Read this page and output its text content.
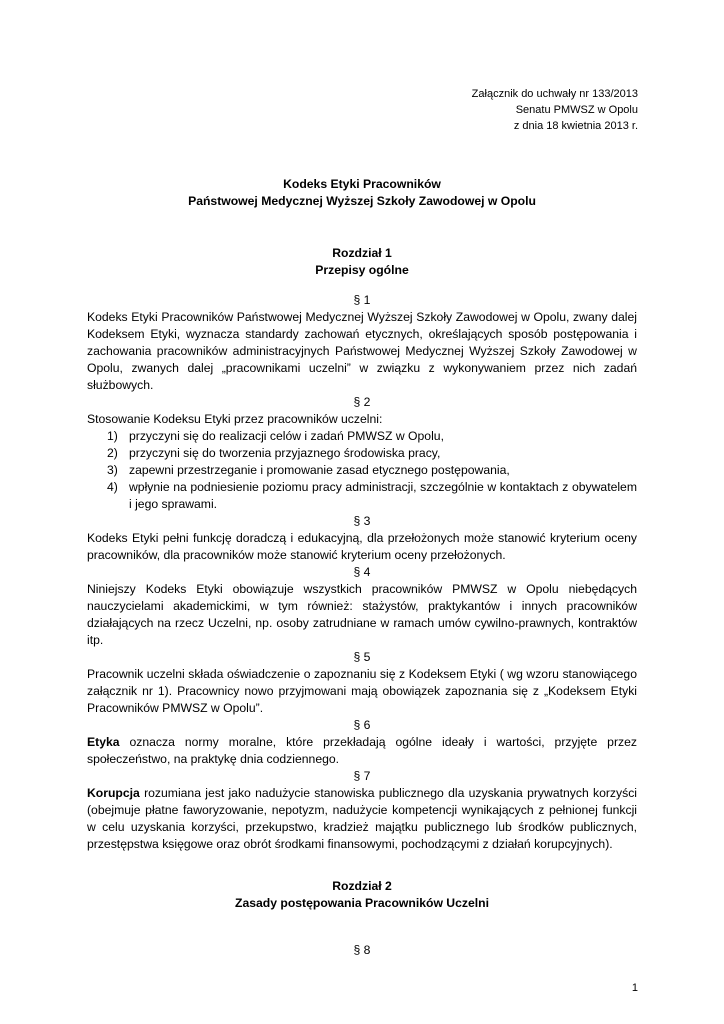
Załącznik do uchwały nr 133/2013
Senatu PMWSZ w Opolu
z dnia 18 kwietnia 2013 r.
Kodeks Etyki Pracowników
Państwowej Medycznej Wyższej Szkoły Zawodowej w Opolu
Rozdział 1
Przepisy ogólne

§ 1

Kodeks Etyki Pracowników Państwowej Medycznej Wyższej Szkoły Zawodowej w Opolu, zwany dalej Kodeksem Etyki, wyznacza standardy zachowań etycznych, określających sposób postępowania i zachowania pracowników administracyjnych Państwowej Medycznej Wyższej Szkoły Zawodowej w Opolu, zwanych dalej „pracownikami uczelni” w związku z wykonywaniem przez nich zadań służbowych.

§ 2

Stosowanie Kodeksu Etyki przez pracowników uczelni:

1) przyczyni się do realizacji celów i zadań PMWSZ w Opolu,
2) przyczyni się do tworzenia przyjaznego środowiska pracy,
3) zapewni przestrzeganie i promowanie zasad etycznego postępowania,
4) wpłynie na podniesienie poziomu pracy administracji, szczególnie w kontaktach z obywatelem i jego sprawami.

§ 3

Kodeks Etyki pełni funkcję doradczą i edukacyjną, dla przełożonych może stanowić kryterium oceny pracowników, dla pracowników może stanowić kryterium oceny przełożonych.

§ 4

Niniejszy Kodeks Etyki obowiązuje wszystkich pracowników PMWSZ w Opolu niebędących nauczycielami akademickimi, w tym również: stażystów, praktykantów i innych pracowników działających na rzecz Uczelni, np. osoby zatrudniane w ramach umów cywilno-prawnych, kontraktów itp.

§ 5

Pracownik uczelni składa oświadczenie o zapoznaniu się z Kodeksem Etyki ( wg wzoru stanowiącego załącznik nr 1). Pracownicy nowo przyjmowani mają obowiązek zapoznania się z „Kodeksem Etyki Pracowników PMWSZ w Opolu”.

§ 6

Etyka oznacza normy moralne, które przekładają ogólne ideały i wartości, przyjęte przez społeczeństwo, na praktykę dnia codziennego.

§ 7

Korupcja rozumiana jest jako nadużycie stanowiska publicznego dla uzyskania prywatnych korzyści (obejmuje płatne faworyzowanie, nepotyzm, nadużycie kompetencji wynikających z pełnionej funkcji w celu uzyskania korzyści, przekupstwo, kradzież majątku publicznego lub środków publicznych, przestępstwa księgowe oraz obrót środkami finansowymi, pochodzącymi z działań korupcyjnych).

Rozdział 2
Zasady postępowania Pracowników Uczelni
§ 8
1
